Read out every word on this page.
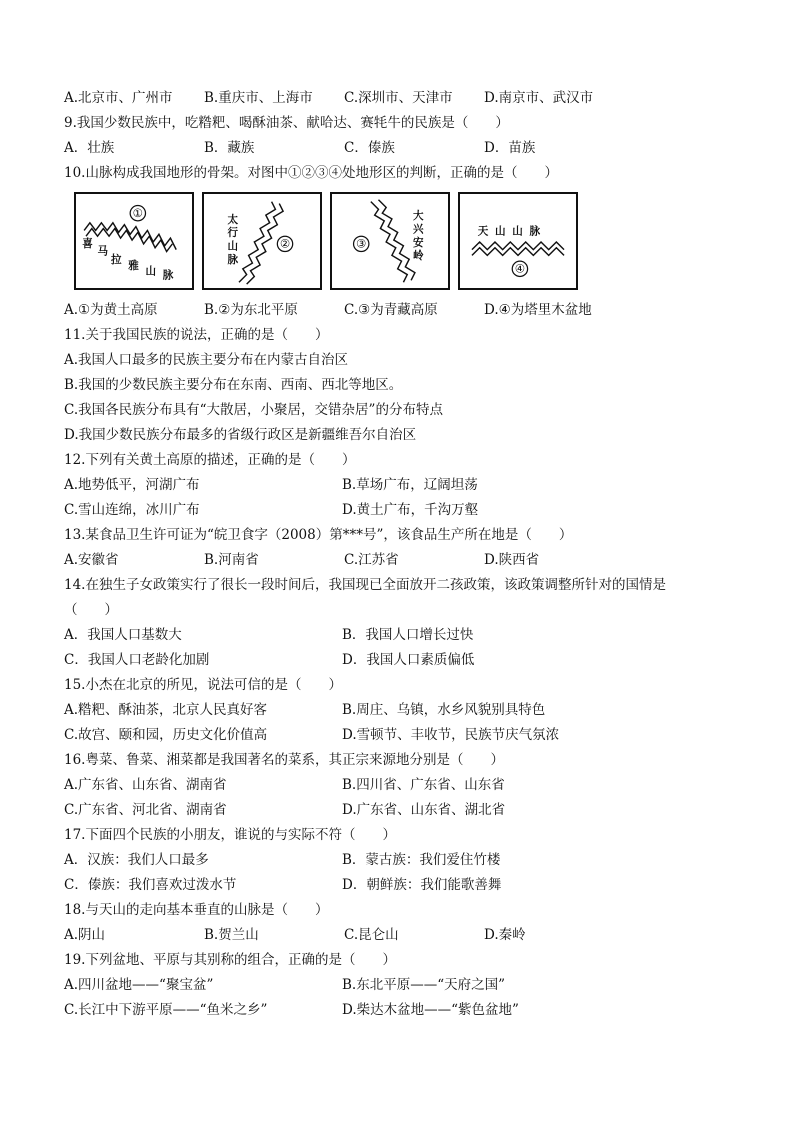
A.北京市、广州市	B.重庆市、上海市	C.深圳市、天津市	D.南京市、武汉市
9.我国少数民族中，吃糌粑、喝酥油茶、献哈达、赛牦牛的民族是（　　）
A．壮族	B．藏族	C．傣族	D．苗族
10.山脉构成我国地形的骨架。对图中①②③④处地形区的判断，正确的是（　　）
喜
马
拉 雅 山 脉
①	太
行
山
脉
②
大
兴
安
岭
③
天 山 山 脉
④
A.①为黄土高原	B.②为东北平原	C.③为青藏高原	D.④为塔里木盆地
11.关于我国民族的说法，正确的是（　　）
A.我国人口最多的民族主要分布在内蒙古自治区
B.我国的少数民族主要分布在东南、西南、西北等地区。
C.我国各民族分布具有“大散居，小聚居，交错杂居”的分布特点
D.我国少数民族分布最多的省级行政区是新疆维吾尔自治区
12.下列有关黄土高原的描述，正确的是（　　）
A.地势低平，河湖广布	B.草场广布，辽阔坦荡
C.雪山连绵，冰川广布	D.黄土广布，千沟万壑
13.某食品卫生许可证为“皖卫食字（2008）第***号”，该食品生产所在地是（　　）
A.安徽省	B.河南省	C.江苏省	D.陕西省
14.在独生子女政策实行了很长一段时间后，我国现已全面放开二孩政策，该政策调整所针对的国情是
（　　）
A．我国人口基数大	B．我国人口增长过快
C．我国人口老龄化加剧	D．我国人口素质偏低
15.小杰在北京的所见，说法可信的是（　　）
A.糌粑、酥油茶，北京人民真好客	B.周庄、乌镇，水乡风貌别具特色
C.故宫、颐和园，历史文化价值高	D.雪顿节、丰收节，民族节庆气氛浓
16.粤菜、鲁菜、湘菜都是我国著名的菜系，其正宗来源地分别是（　　）
A.广东省、山东省、湖南省	B.四川省、广东省、山东省
C.广东省、河北省、湖南省	D.广东省、山东省、湖北省
17.下面四个民族的小朋友，谁说的与实际不符（　　）
A．汉族：我们人口最多	B．蒙古族：我们爱住竹楼
C．傣族：我们喜欢过泼水节	D．朝鲜族：我们能歌善舞
18.与天山的走向基本垂直的山脉是（　　）
A.阴山	B.贺兰山	C.昆仑山	D.秦岭
19.下列盆地、平原与其别称的组合，正确的是（　　）
A.四川盆地——“聚宝盆”	B.东北平原——“天府之国”
C.长江中下游平原——“鱼米之乡”	D.柴达木盆地——“紫色盆地”
